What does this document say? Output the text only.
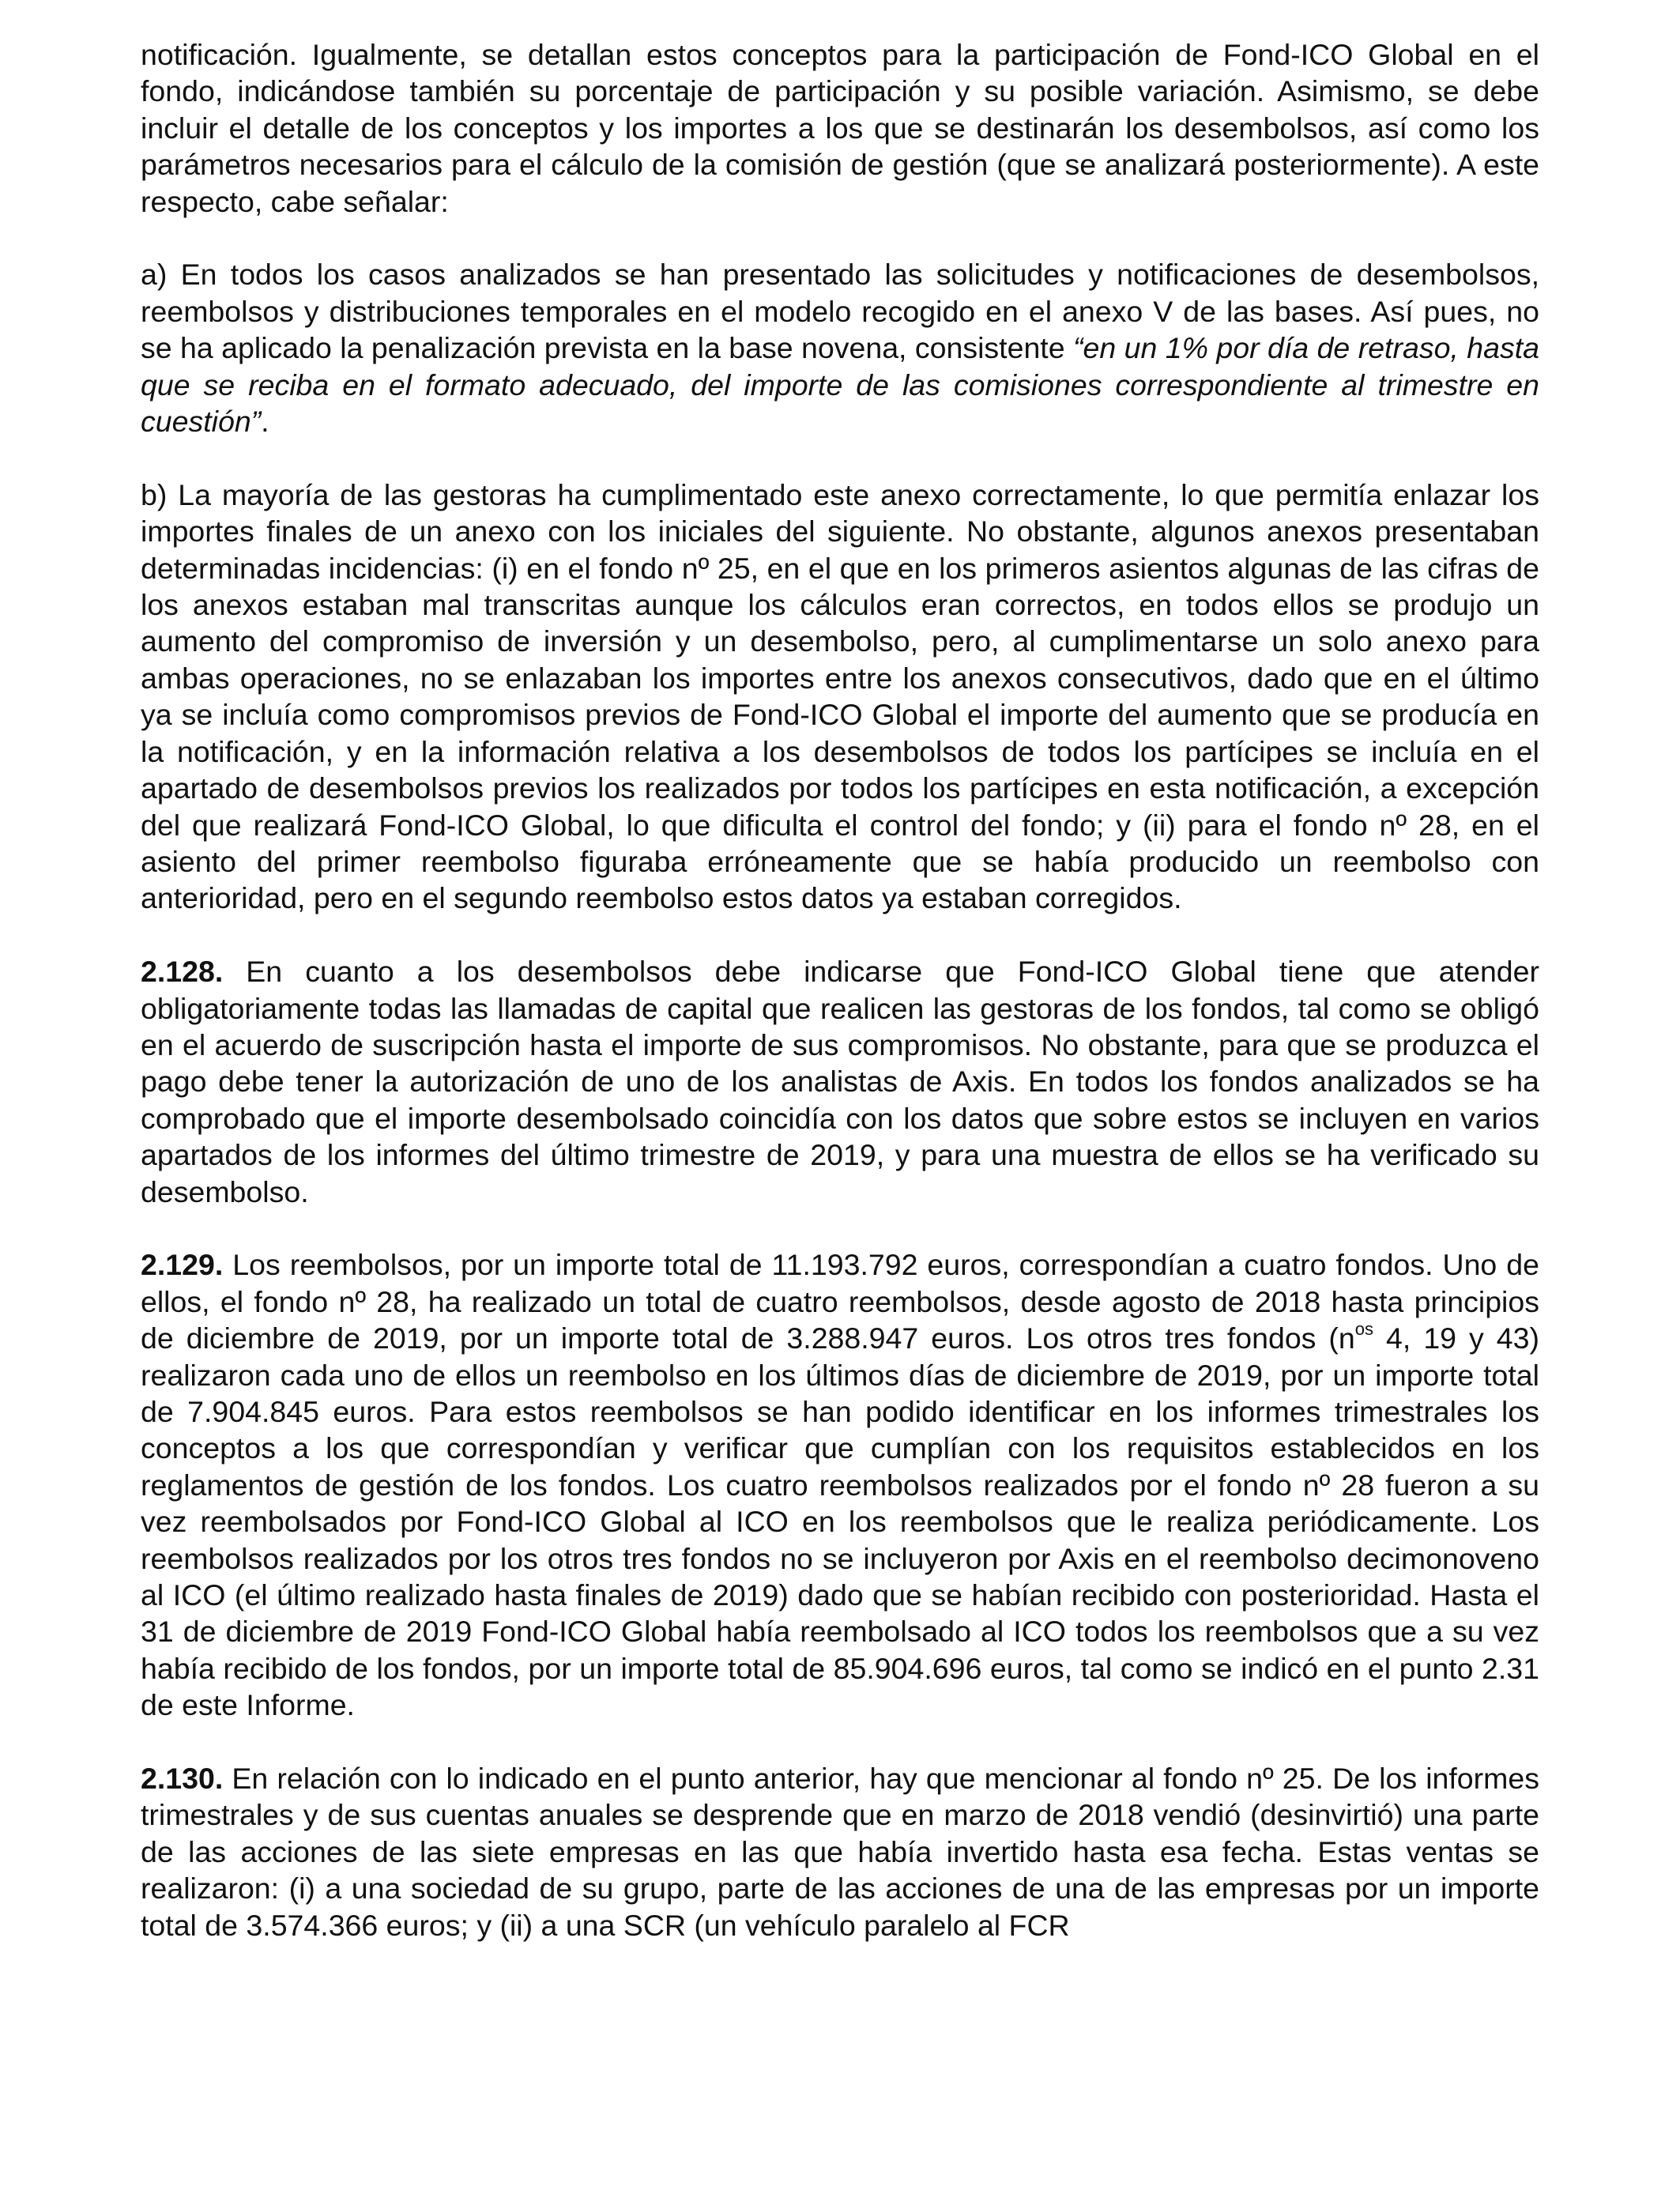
notificación. Igualmente, se detallan estos conceptos para la participación de Fond-ICO Global en el fondo, indicándose también su porcentaje de participación y su posible variación. Asimismo, se debe incluir el detalle de los conceptos y los importes a los que se destinarán los desembolsos, así como los parámetros necesarios para el cálculo de la comisión de gestión (que se analizará posteriormente). A este respecto, cabe señalar:

a) En todos los casos analizados se han presentado las solicitudes y notificaciones de desembolsos, reembolsos y distribuciones temporales en el modelo recogido en el anexo V de las bases. Así pues, no se ha aplicado la penalización prevista en la base novena, consistente “en un 1% por día de retraso, hasta que se reciba en el formato adecuado, del importe de las comisiones correspondiente al trimestre en cuestión”.

b) La mayoría de las gestoras ha cumplimentado este anexo correctamente, lo que permitía enlazar los importes finales de un anexo con los iniciales del siguiente. No obstante, algunos anexos presentaban determinadas incidencias: (i) en el fondo nº 25, en el que en los primeros asientos algunas de las cifras de los anexos estaban mal transcritas aunque los cálculos eran correctos, en todos ellos se produjo un aumento del compromiso de inversión y un desembolso, pero, al cumplimentarse un solo anexo para ambas operaciones, no se enlazaban los importes entre los anexos consecutivos, dado que en el último ya se incluía como compromisos previos de Fond-ICO Global el importe del aumento que se producía en la notificación, y en la información relativa a los desembolsos de todos los partícipes se incluía en el apartado de desembolsos previos los realizados por todos los partícipes en esta notificación, a excepción del que realizará Fond-ICO Global, lo que dificulta el control del fondo; y (ii) para el fondo nº 28, en el asiento del primer reembolso figuraba erróneamente que se había producido un reembolso con anterioridad, pero en el segundo reembolso estos datos ya estaban corregidos.

2.128. En cuanto a los desembolsos debe indicarse que Fond-ICO Global tiene que atender obligatoriamente todas las llamadas de capital que realicen las gestoras de los fondos, tal como se obligó en el acuerdo de suscripción hasta el importe de sus compromisos. No obstante, para que se produzca el pago debe tener la autorización de uno de los analistas de Axis. En todos los fondos analizados se ha comprobado que el importe desembolsado coincidía con los datos que sobre estos se incluyen en varios apartados de los informes del último trimestre de 2019, y para una muestra de ellos se ha verificado su desembolso.

2.129. Los reembolsos, por un importe total de 11.193.792 euros, correspondían a cuatro fondos. Uno de ellos, el fondo nº 28, ha realizado un total de cuatro reembolsos, desde agosto de 2018 hasta principios de diciembre de 2019, por un importe total de 3.288.947 euros. Los otros tres fondos ($n^{os}$ 4, 19 y 43) realizaron cada uno de ellos un reembolso en los últimos días de diciembre de 2019, por un importe total de 7.904.845 euros. Para estos reembolsos se han podido identificar en los informes trimestrales los conceptos a los que correspondían y verificar que cumplían con los requisitos establecidos en los reglamentos de gestión de los fondos. Los cuatro reembolsos realizados por el fondo nº 28 fueron a su vez reembolsados por Fond-ICO Global al ICO en los reembolsos que le realiza periódicamente. Los reembolsos realizados por los otros tres fondos no se incluyeron por Axis en el reembolso decimonoveno al ICO (el último realizado hasta finales de 2019) dado que se habían recibido con posterioridad. Hasta el 31 de diciembre de 2019 Fond-ICO Global había reembolsado al ICO todos los reembolsos que a su vez había recibido de los fondos, por un importe total de 85.904.696 euros, tal como se indicó en el punto 2.31 de este Informe.

2.130. En relación con lo indicado en el punto anterior, hay que mencionar al fondo nº 25. De los informes trimestrales y de sus cuentas anuales se desprende que en marzo de 2018 vendió (desinvirtió) una parte de las acciones de las siete empresas en las que había invertido hasta esa fecha. Estas ventas se realizaron: (i) a una sociedad de su grupo, parte de las acciones de una de las empresas por un importe total de 3.574.366 euros; y (ii) a una SCR (un vehículo paralelo al FCR
